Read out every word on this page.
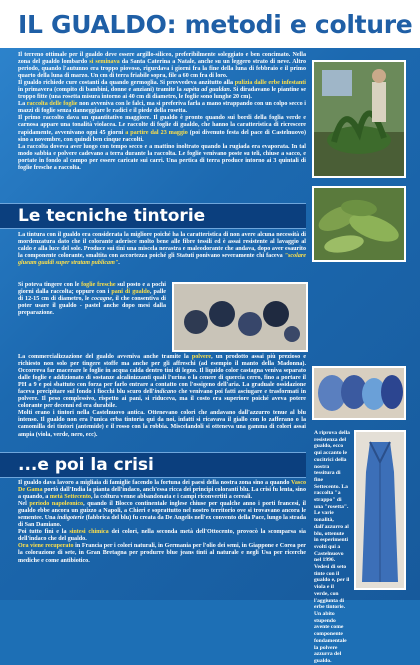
IL GUALDO: metodi e colture

Il terreno ottimale per il gualdo deve essere argillo-siliceo, preferibilmente soleggiato e ben concimato. Nella zona del gualdo lombardo si seminava da Santa Caterina a Natale, anche su un leggero strato di neve. Altro periodo, quando l'autunno era troppo piovoso, rigurdava i giorni fra la fine della luna di febbraio e il primo quarto della luna di marzo. Un cm di terra friabile sopra, file a 60 cm fra di loro.

Il gualdo richiede cure costanti da quando germoglia. Si provvedeva anzitutto alla pulizia dalle erbe infestanti in primavera (compito di bambini, donne e anziani) tramite la sapèta ad gualdan. Si diradavano le piantine se troppo fitte (una rosetta misura intorno ai 40 cm di diametro, le foglie sono lunghe 20 cm).

La raccolta delle foglie non avveniva con le falci, ma si preferiva farla a mano strappando con un colpo secco i mazzi di foglie senza danneggiare le radici e il piede della rosetta.

Il primo raccolto dava un quantitativo maggiore. Il gualdo è pronto quando sui bordi della foglia verde e carnosa appare una tonalità violacea. Le raccolte di foglie di gualdo, che hanno la caratteristica di ricrescere rapidamente, avvenivano ogni 45 giorni a partire dal 23 maggio (poi divenuto festa del pace di Castelnuovo) sino a novembre, con quindi ben cinque raccolti.

La raccolta doveva aver luogo con tempo secco e a mattino inoltrato quando la rugiada era evaporata. In tal modo sabbia e polvere cadevano a terra durante la raccolta. Le foglie venivano poste su teli, chiuse a sacco, e portate in fondo al campo per essere caricate sui carri. Una pertica di terra produce intorno ai 3 quintali di foglie fresche a raccolta.

Le tecniche tintorie

La tintura con il gualdo era considerata la migliore poiché ha la caratteristica di non avere alcuna necessità di mordenzatura dato che il colorante aderisce molto bene alle fibre tessili ed è assai resistente al lavaggio al caldo e alla luce del sole. Produce sui tini una miscela nerastra e maleodorante che andava, dopo aver esaurito la componente colorante, smaltita con accortezza poiché gli Statuti ponivano severamente chi faceva "scolare glueam gualdi super stratam publicam".

Si poteva tingere con le foglie fresche sul posto e a pochi giorni dalla raccolta; oppure con i pani di gualdo, palle di 12-15 cm di diametro, le cocagne, il che consentiva di poter usare il gualdo - pastel anche dopo mesi dalla preparazione.

La commercializzazione del gualdo avveniva anche tramite la polvere, un prodotto assai più prezioso e richiesto non solo per tingere stoffe ma anche per gli affreschi (ad esempio il manto della Madonna). Occorreva far macerare le foglie in acqua calda dentro tini di legno. Il liquido color castagna veniva separato dalle foglie e addizionato di sostanze alcalinizzanti quali l'urina o la cenere di quercia cerro, fino a portare il PH a 9 e poi sbattuto con forza per farlo entrare a contatto con l'ossigeno dell'aria. La graduale ossidazione faceva precipitare sul fondo i fiocchi blu scuro dell'indicano che venivano poi fatti asciugare e trasformati in polvere. Il peso complessivo, rispetto ai pani, si riduceva, ma il costo era superiore poiché aveva potere colorante per decenni ed era durabile.

Molti erano i tintori nella Castelnuovo antica. Ottenevano colori che andavano dall'azzurro tenue al blu intenso. Il gualdo non era l'unica erba tintoria qui da noi, infatti si ricavava il giallo con lo zafferano o la camomilla dei tintori (antemide) e il rosso con la robbia. Miscelandoli si otteneva una gamma di colori assai ampia (viola, verde, nero, ecc).

...e poi la crisi

Il gualdo dava lavoro a migliaia di famiglie facendo la fortuna dei paesi della nostra zona sino a quando Vasco De Gama portò dall'India la pianta dell'indaco, anch'essa ricca dei principi coloranti blu. La crisi fu lenta, sino a quando, a metà Settecento, la coltura venne abbandonata e i campi riconvertiti a cereali.

Nel periodo napoleonico, quando il Blocco continentale inglese chiuse per qualche anno i porti francesi, il gualdo ebbe ancora un guizzo a Napoli, a Chieri e soprattutto nel nostro territorio ove si trovavano ancora le sementee. Una indigoterie (fabbrica del blu) fu creata da De Angelis nell'ex convento della Pace, lungo la strada di San Damiano.

Poi tutto finì e la sintesi chimica dei colori, nella seconda metà dell'Ottocento, provocò la scomparsa sia dell'indaco che del gualdo.

Ora viene recuperato in Francia per i colori naturali, in Germania per l'olio dei semi, in Giappone e Corea per la colorazione di sete, in Gran Bretagna per produrre blue jeans tinti al naturale e negli Usa per ricerche mediche e come antibiotico.

A riprova della resistenza del gualdo, ecco qui accanto le cucitrici della nostra tessitura di fine Settecento. La raccolta "a strappo" di una "rosetta". Le varie tonalità, dall'azzurro al blu, ottenute in esperimenti svolti qui a Castelnuovo nel 1996. Vedesi di seto tinte con il gualdo e, per il viola e il verde, con l'aggiunta di erbe tintorie. Un abito stupendo avente come componente fondamentale la polvere azzurra del gualdo.
